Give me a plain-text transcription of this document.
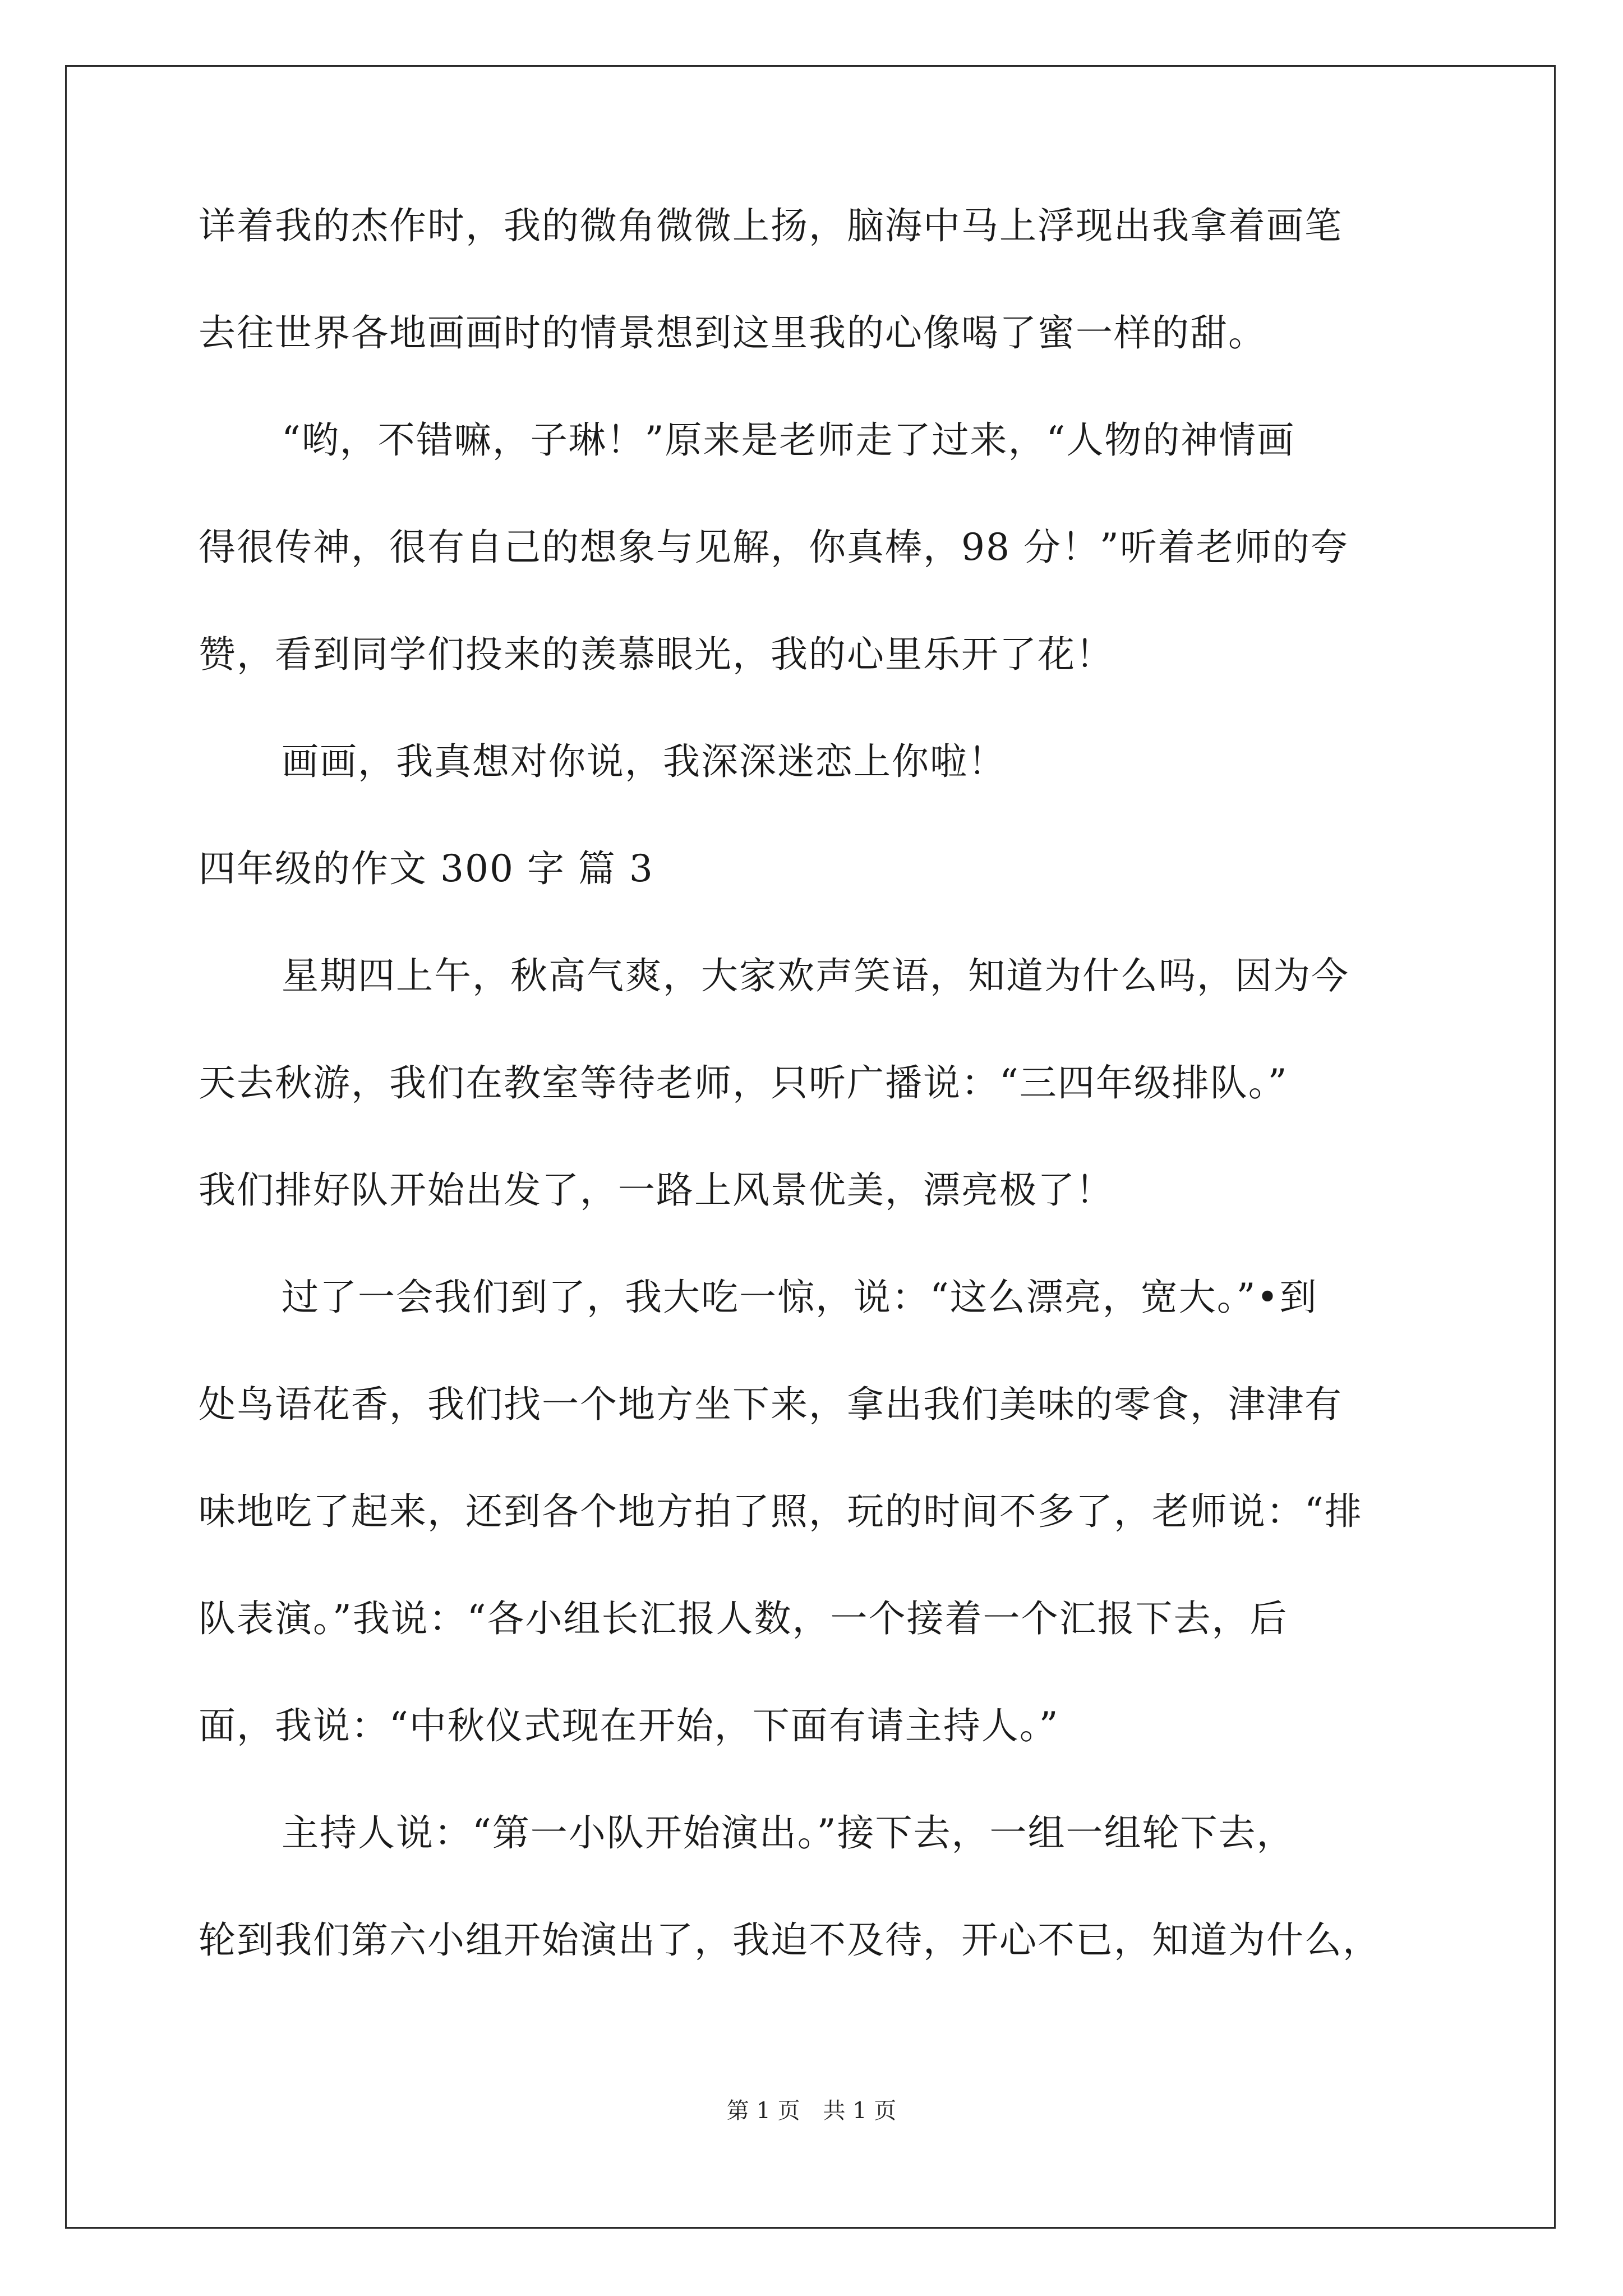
详着我的杰作时，我的微角微微上扬，脑海中马上浮现出我拿着画笔
去往世界各地画画时的情景想到这里我的心像喝了蜜一样的甜。
“哟，不错嘛，子琳！”原来是老师走了过来，“人物的神情画
得很传神，很有自己的想象与见解，你真棒，98 分！”听着老师的夸
赞，看到同学们投来的羡慕眼光，我的心里乐开了花！
画画，我真想对你说，我深深迷恋上你啦！
四年级的作文 300 字 篇 3
星期四上午，秋高气爽，大家欢声笑语，知道为什么吗，因为今
天去秋游，我们在教室等待老师，只听广播说：“三四年级排队。”
我们排好队开始出发了，一路上风景优美，漂亮极了！
过了一会我们到了，我大吃一惊，说：“这么漂亮，宽大。”•到
处鸟语花香，我们找一个地方坐下来，拿出我们美味的零食，津津有
味地吃了起来，还到各个地方拍了照，玩的时间不多了，老师说：“排
队表演。”我说：“各小组长汇报人数，一个接着一个汇报下去，后
面，我说：“中秋仪式现在开始，下面有请主持人。”
主持人说：“第一小队开始演出。”接下去，一组一组轮下去，
轮到我们第六小组开始演出了，我迫不及待，开心不已，知道为什么，
第 1 页 共 1 页
